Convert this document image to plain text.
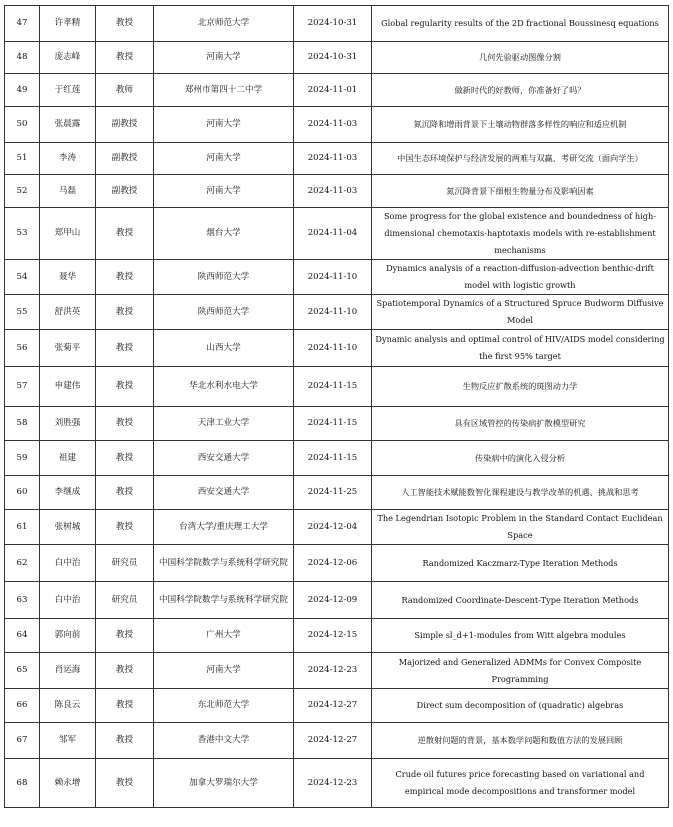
47	许孝精	教授	北京师范大学	2024-10-31	Global regularity results of the 2D fractional Boussinesq equations
48	庞志峰	教授	河南大学	2024-10-31	几何先验驱动图像分割
49	于红莲	教师	郑州市第四十二中学	2024-11-01	做新时代的好教师，你准备好了吗？
50	张晨露	副教授	河南大学	2024-11-03	氮沉降和增雨背景下土壤动物群落多样性的响应和适应机制
51	李涛	副教授	河南大学	2024-11-03	中国生态环境保护与经济发展的两难与双赢、考研交流（面向学生）
52	马磊	副教授	河南大学	2024-11-03	氮沉降背景下细根生物量分布及影响因素
53	郑甲山	教授	烟台大学	2024-11-04	Some progress for the global existence and boundedness of high-dimensional chemotaxis-haptotaxis models with re-establishment mechanisms
54	聂华	教授	陕西师范大学	2024-11-10	Dynamics analysis of a reaction-diffusion-advection benthic-drift model with logistic growth
55	舒洪英	教授	陕西师范大学	2024-11-10	Spatiotemporal Dynamics of a Structured Spruce Budworm Diffusive Model
56	张菊平	教授	山西大学	2024-11-10	Dynamic analysis and optimal control of HIV/AIDS model considering the first 95% target
57	申建伟	教授	华北水利水电大学	2024-11-15	生物反应扩散系统的斑图动力学
58	刘胜强	教授	天津工业大学	2024-11-15	具有区域管控的传染病扩散模型研究
59	祖建	教授	西安交通大学	2024-11-15	传染病中的演化入侵分析
60	李继成	教授	西安交通大学	2024-11-25	人工智能技术赋能数智化课程建设与教学改革的机遇、挑战和思考
61	张树城	教授	台湾大学/重庆理工大学	2024-12-04	The Legendrian Isotopic Problem in the Standard Contact Euclidean Space
62	白中治	研究员	中国科学院数学与系统科学研究院	2024-12-06	Randomized Kaczmarz-Type Iteration Methods
63	白中治	研究员	中国科学院数学与系统科学研究院	2024-12-09	Randomized Coordinate-Descent-Type Iteration Methods
64	郭向前	教授	广州大学	2024-12-15	Simple sl_d+1-modules from Witt algebra modules
65	肖运海	教授	河南大学	2024-12-23	Majorized and Generalized ADMMs for Convex Composite Programming
66	陈良云	教授	东北师范大学	2024-12-27	Direct sum decomposition of (quadratic) algebras
67	邹军	教授	香港中文大学	2024-12-27	逆散射问题的背景，基本数学问题和数值方法的发展回顾
68	赖永增	教授	加拿大罗瑞尔大学	2024-12-23	Crude oil futures price forecasting based on variational and empirical mode decompositions and transformer model
